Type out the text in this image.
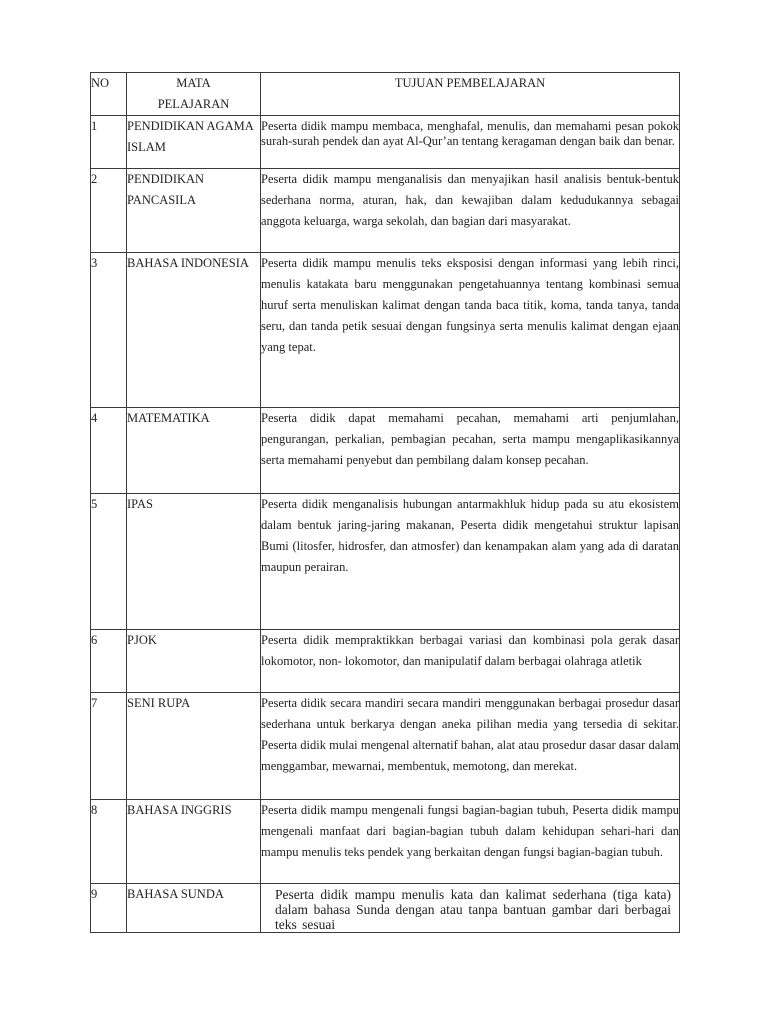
NO	MATA PELAJARAN	TUJUAN PEMBELAJARAN
1	PENDIDIKAN AGAMA ISLAM	Peserta didik mampu membaca, menghafal, menulis, dan memahami pesan pokok surah-surah pendek dan ayat Al-Qur’an tentang keragaman dengan baik dan benar.
2	PENDIDIKAN PANCASILA	Peserta didik mampu menganalisis dan menyajikan hasil analisis bentuk-bentuk sederhana norma, aturan, hak, dan kewajiban dalam kedudukannya sebagai anggota keluarga, warga sekolah, dan bagian dari masyarakat.
3	BAHASA INDONESIA	Peserta didik mampu menulis teks eksposisi dengan informasi yang lebih rinci, menulis katakata baru menggunakan pengetahuannya tentang kombinasi semua huruf serta menuliskan kalimat dengan tanda baca titik, koma, tanda tanya, tanda seru, dan tanda petik sesuai dengan fungsinya serta menulis kalimat dengan ejaan yang tepat.
4	MATEMATIKA	Peserta didik dapat memahami pecahan, memahami arti penjumlahan, pengurangan, perkalian, pembagian pecahan, serta mampu mengaplikasikannya serta memahami penyebut dan pembilang dalam konsep pecahan.
5	IPAS	Peserta didik menganalisis hubungan antarmakhluk hidup pada su atu ekosistem dalam bentuk jaring-jaring makanan, Peserta didik mengetahui struktur lapisan Bumi (litosfer, hidrosfer, dan atmosfer) dan kenampakan alam yang ada di daratan maupun perairan.
6	PJOK	Peserta didik mempraktikkan berbagai variasi dan kombinasi pola gerak dasar lokomotor, non- lokomotor, dan manipulatif dalam berbagai olahraga atletik
7	SENI RUPA	Peserta didik secara mandiri secara mandiri menggunakan berbagai prosedur dasar sederhana untuk berkarya dengan aneka pilihan media yang tersedia di sekitar. Peserta didik mulai mengenal alternatif bahan, alat atau prosedur dasar dasar dalam menggambar, mewarnai, membentuk, memotong, dan merekat.
8	BAHASA INGGRIS	Peserta didik mampu mengenali fungsi bagian-bagian tubuh, Peserta didik mampu mengenali manfaat dari bagian-bagian tubuh dalam kehidupan sehari-hari dan mampu menulis teks pendek yang berkaitan dengan fungsi bagian-bagian tubuh.
9	BAHASA SUNDA	Peserta didik mampu menulis kata dan kalimat sederhana (tiga kata) dalam bahasa Sunda dengan atau tanpa bantuan gambar dari berbagai teks sesuai
